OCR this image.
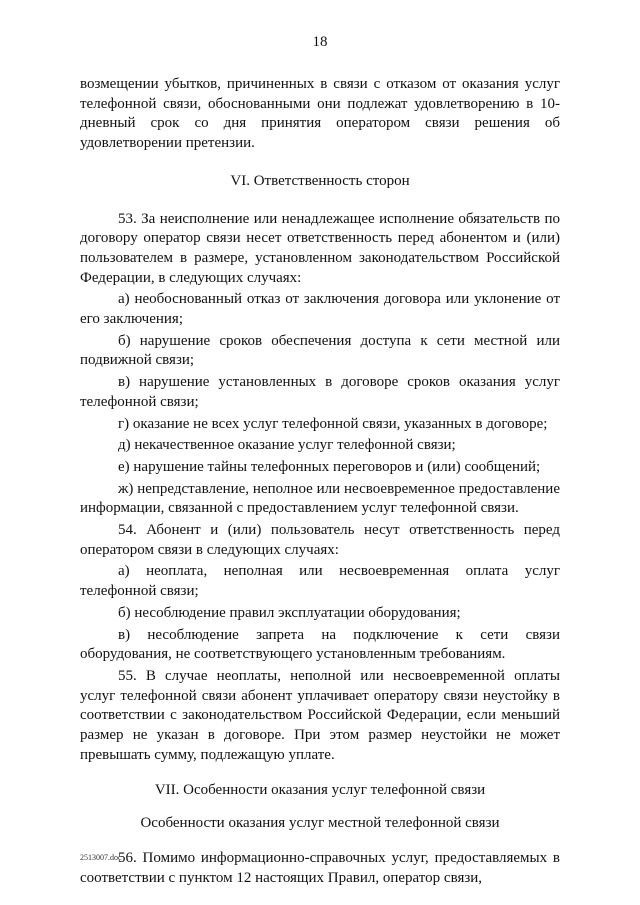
18

возмещении убытков, причиненных в связи с отказом от оказания услуг телефонной связи, обоснованными они подлежат удовлетворению в 10-дневный срок со дня принятия оператором связи решения об удовлетворении претензии.

VI. Ответственность сторон

53. За неисполнение или ненадлежащее исполнение обязательств по договору оператор связи несет ответственность перед абонентом и (или) пользователем в размере, установленном законодательством Российской Федерации, в следующих случаях:

а) необоснованный отказ от заключения договора или уклонение от его заключения;

б) нарушение сроков обеспечения доступа к сети местной или подвижной связи;

в) нарушение установленных в договоре сроков оказания услуг телефонной связи;

г) оказание не всех услуг телефонной связи, указанных в договоре;

д) некачественное оказание услуг телефонной связи;

е) нарушение тайны телефонных переговоров и (или) сообщений;

ж) непредставление, неполное или несвоевременное предоставление информации, связанной с предоставлением услуг телефонной связи.

54. Абонент и (или) пользователь несут ответственность перед оператором связи в следующих случаях:

а) неоплата, неполная или несвоевременная оплата услуг телефонной связи;

б) несоблюдение правил эксплуатации оборудования;

в) несоблюдение запрета на подключение к сети связи оборудования, не соответствующего установленным требованиям.

55. В случае неоплаты, неполной или несвоевременной оплаты услуг телефонной связи абонент уплачивает оператору связи неустойку в соответствии с законодательством Российской Федерации, если меньший размер не указан в договоре. При этом размер неустойки не может превышать сумму, подлежащую уплате.

VII. Особенности оказания услуг телефонной связи
Особенности оказания услуг местной телефонной связи

56. Помимо информационно-справочных услуг, предоставляемых в соответствии с пунктом 12 настоящих Правил, оператор связи,

2513007.doc
